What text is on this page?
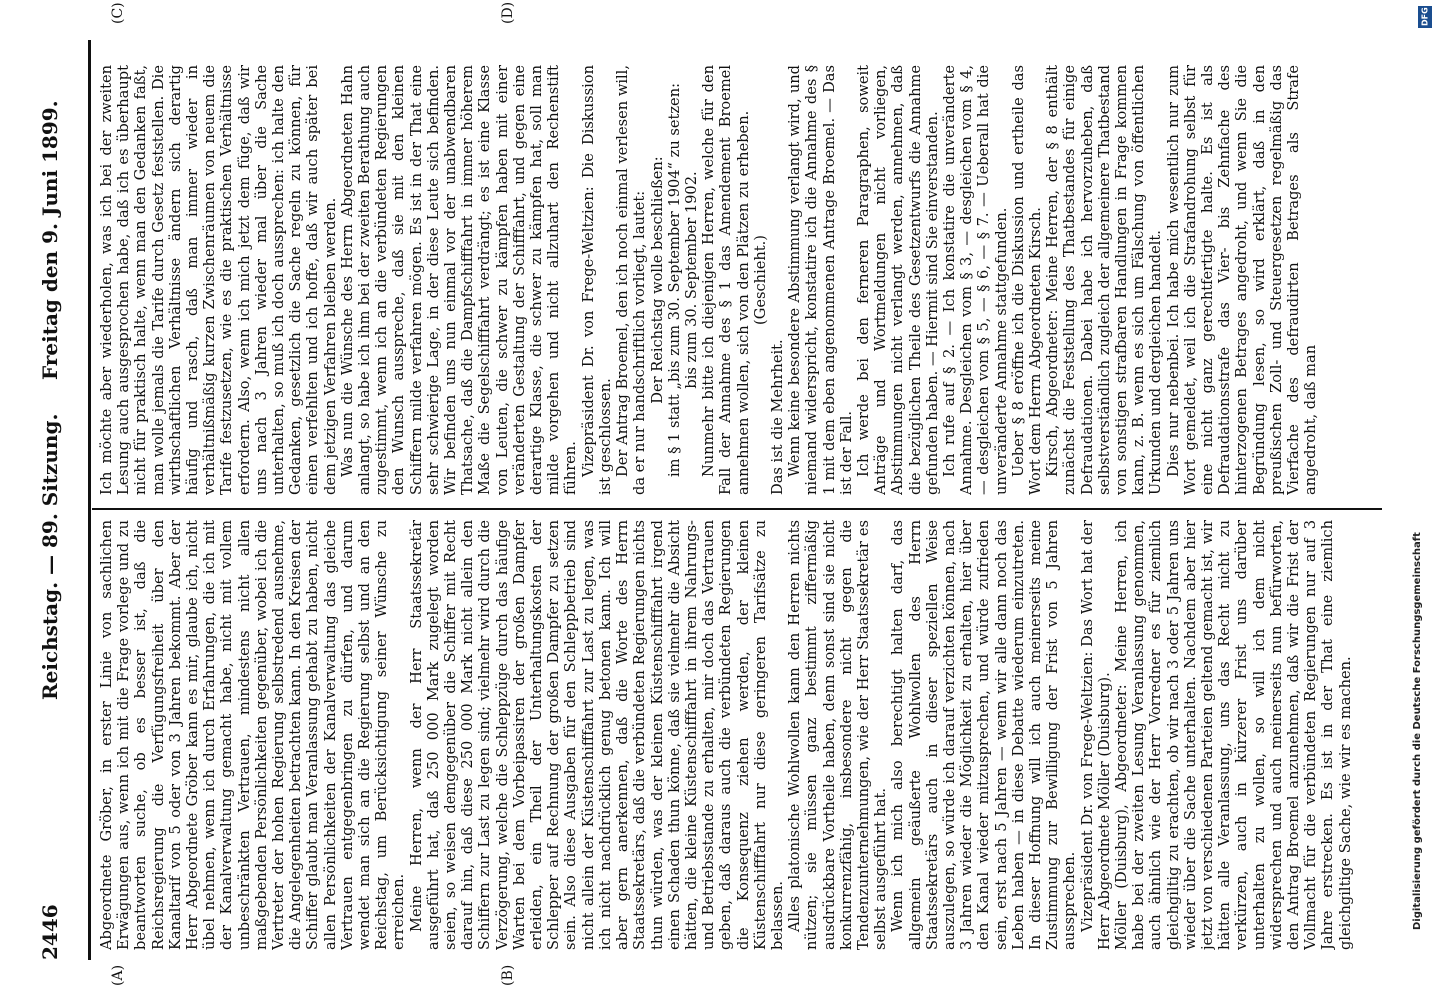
2446
Reichstag. — 89. Sitzung.
Freitag den 9. Juni 1899.
(A)	(B)
(C)	(D)

Abgeordnete Gröber, in erster Linie von sachlichen Erwägungen aus, wenn ich mit die Frage vorlege und zu beantworten suche, ob es besser ist, daß die Reichsregierung die Verfügungsfreiheit über den Kanaltarif von 5 oder von 3 Jahren bekommt. Aber der Herr Abgeordnete Gröber kann es mir, glaube ich, nicht übel nehmen, wenn ich durch Erfahrungen, die ich mit der Kanalverwaltung gemacht habe, nicht mit vollem unbeschränkten Vertrauen, mindestens nicht allen maßgebenden Persönlichkeiten gegenüber, wobei ich die Vertreter der hohen Regierung selbstredend ausnehme, die Angelegenheiten betrachten kann. In den Kreisen der Schiffer glaubt man Veranlassung gehabt zu haben, nicht allen Persönlichkeiten der Kanalverwaltung das gleiche Vertrauen entgegenbringen zu dürfen, und darum wendet man sich an die Regierung selbst und an den Reichstag, um Berücksichtigung seiner Wünsche zu erreichen. Meine Herren, wenn der Herr Staatssekretär ausgeführt hat, daß 250 000 Mark zugelegt worden seien, so weisen demgegenüber die Schiffer mit Recht darauf hin, daß diese 250 000 Mark nicht allein den Schiffern zur Last zu legen sind; vielmehr wird durch die Verzögerung, welche die Schleppzüge durch das häufige Warten bei dem Vorbeipassiren der großen Dampfer erleiden, ein Theil der Unterhaltungskosten der Schlepper auf Rechnung der großen Dampfer zu setzen sein. Also diese Ausgaben für den Schleppbetrieb sind nicht allein der Küstenschifffahrt zur Last zu legen, was ich nicht nachdrücklich genug betonen kann. Ich will aber gern anerkennen, daß die Worte des Herrn Staatssekretärs, daß die verbündeten Regierungen nichts thun würden, was der kleinen Küstenschifffahrt irgend einen Schaden thun könne, daß sie vielmehr die Absicht hätten, die kleine Küstenschifffahrt in ihrem Nahrungs- und Betriebsstande zu erhalten, mir doch das Vertrauen geben, daß daraus auch die verbündeten Regierungen die Konsequenz ziehen werden, der kleinen Küstenschifffahrt nur diese geringeren Tarifsätze zu belassen. Alles platonische Wohlwollen kann den Herren nichts nützen; sie müssen ganz bestimmt ziffermäßig ausdrückbare Vortheile haben, denn sonst sind sie nicht konkurrenzfähig, insbesondere nicht gegen die Tendenzunternehmungen, wie der Herr Staatssekretär es selbst ausgeführt hat. Wenn ich mich also berechtigt halten darf, das allgemein geäußerte Wohlwollen des Herrn Staatssekretärs auch in dieser speziellen Weise auszulegen, so würde ich darauf verzichten können, nach 3 Jahren wieder die Möglichkeit zu erhalten, hier über den Kanal wieder mitzusprechen, und würde zufrieden sein, erst nach 5 Jahren — wenn wir alle dann noch das Leben haben — in diese Debatte wiederum einzutreten. In dieser Hoffnung will ich auch meinerseits meine Zustimmung zur Bewilligung der Frist von 5 Jahren aussprechen. Vizepräsident Dr. von Frege-Weltzien: Das Wort hat der Herr Abgeordnete Möller (Duisburg). Möller (Duisburg), Abgeordneter: Meine Herren, ich habe bei der zweiten Lesung Veranlassung genommen, auch ähnlich wie der Herr Vorredner es für ziemlich gleichgiltig zu erachten, ob wir nach 3 oder 5 Jahren uns wieder über die Sache unterhalten. Nachdem aber hier jetzt von verschiedenen Parteien geltend gemacht ist, wir hätten alle Veranlassung, uns das Recht nicht zu verkürzen, auch in kürzerer Frist uns darüber unterhalten zu wollen, so will ich dem nicht widersprechen und auch meinerseits nun befürworten, den Antrag Broemel anzunehmen, daß wir die Frist der Vollmacht für die verbündeten Regierungen nur auf 3 Jahre erstrecken. Es ist in der That eine ziemlich gleichgiltige Sache, wie wir es machen.

Ich möchte aber wiederholen, was ich bei der zweiten Lesung auch ausgesprochen habe, daß ich es überhaupt nicht für praktisch halte, wenn man den Gedanken faßt, man wolle jemals die Tarife durch Gesetz feststellen. Die wirthschaftlichen Verhältnisse ändern sich derartig häufig und rasch, daß man immer wieder in verhältnißmäßig kurzen Zwischenräumen von neuem die Tarife festzusetzen, wie es die praktischen Verhältnisse erfordern. Also, wenn ich mich jetzt dem füge, daß wir uns nach 3 Jahren wieder mal über die Sache unterhalten, so muß ich doch aussprechen: ich halte den Gedanken, gesetzlich die Sache regeln zu können, für einen verfehlten und ich hoffe, daß wir auch später bei dem jetzigen Verfahren bleiben werden. Was nun die Wünsche des Herrn Abgeordneten Hahn anlangt, so habe ich ihm bei der zweiten Berathung auch zugestimmt, wenn ich an die verbündeten Regierungen den Wunsch ausspreche, daß sie mit den kleinen Schiffern milde verfahren mögen. Es ist in der That eine sehr schwierige Lage, in der diese Leute sich befinden. Wir befinden uns nun einmal vor der unabwendbaren Thatsache, daß die Dampfschifffahrt in immer höherem Maße die Segelschifffahrt verdrängt; es ist eine Klasse von Leuten, die schwer zu kämpfen haben mit einer veränderten Gestaltung der Schifffahrt, und gegen eine derartige Klasse, die schwer zu kämpfen hat, soll man milde vorgehen und nicht allzuhart den Rechenstift führen. Vizepräsident Dr. von Frege-Weltzien: Die Diskussion ist geschlossen. Der Antrag Broemel, den ich noch einmal verlesen will, da er nur handschriftlich vorliegt, lautet: Der Reichstag wolle beschließen: im § 1 statt „bis zum 30. September 1904“ zu setzen: bis zum 30. September 1902. Nunmehr bitte ich diejenigen Herren, welche für den Fall der Annahme des § 1 das Amendement Broemel annehmen wollen, sich von den Plätzen zu erheben. (Geschieht.)

Das ist die Mehrheit. Wenn keine besondere Abstimmung verlangt wird, und niemand widerspricht, konstatire ich die Annahme des § 1 mit dem eben angenommenen Antrage Broemel. — Das ist der Fall. Ich werde bei den ferneren Paragraphen, soweit Anträge und Wortmeldungen nicht vorliegen, Abstimmungen nicht verlangt werden, annehmen, daß die bezüglichen Theile des Gesetzentwurfs die Annahme gefunden haben. — Hiermit sind Sie einverstanden. Ich rufe auf § 2. — Ich konstatire die unveränderte Annahme. Desgleichen vom § 3, — desgleichen vom § 4, — desgleichen vom § 5, — § 6, — § 7. — Ueberall hat die unveränderte Annahme stattgefunden. Ueber § 8 eröffne ich die Diskussion und ertheile das Wort dem Herrn Abgeordneten Kirsch. Kirsch, Abgeordneter: Meine Herren, der § 8 enthält zunächst die Feststellung des Thatbestandes für einige Defraudationen. Dabei habe ich hervorzuheben, daß selbstverständlich zugleich der allgemeinere Thatbestand von sonstigen strafbaren Handlungen in Frage kommen kann, z. B. wenn es sich um Fälschung von öffentlichen Urkunden und dergleichen handelt. Dies nur nebenbei. Ich habe mich wesentlich nur zum Wort gemeldet, weil ich die Strafandrohung selbst für eine nicht ganz gerechtfertigte halte. Es ist als Defraudationsstrafe das Vier- bis Zehnfache des hinterzogenen Betrages angedroht, und wenn Sie die Begründung lesen, so wird erklärt, daß in den preußischen Zoll- und Steuergesetzen regelmäßig das Vierfache des defraudirten Betrages als Strafe angedroht, daß man

DFG
Digitalisierung gefördert durch die Deutsche Forschungsgemeinschaft
